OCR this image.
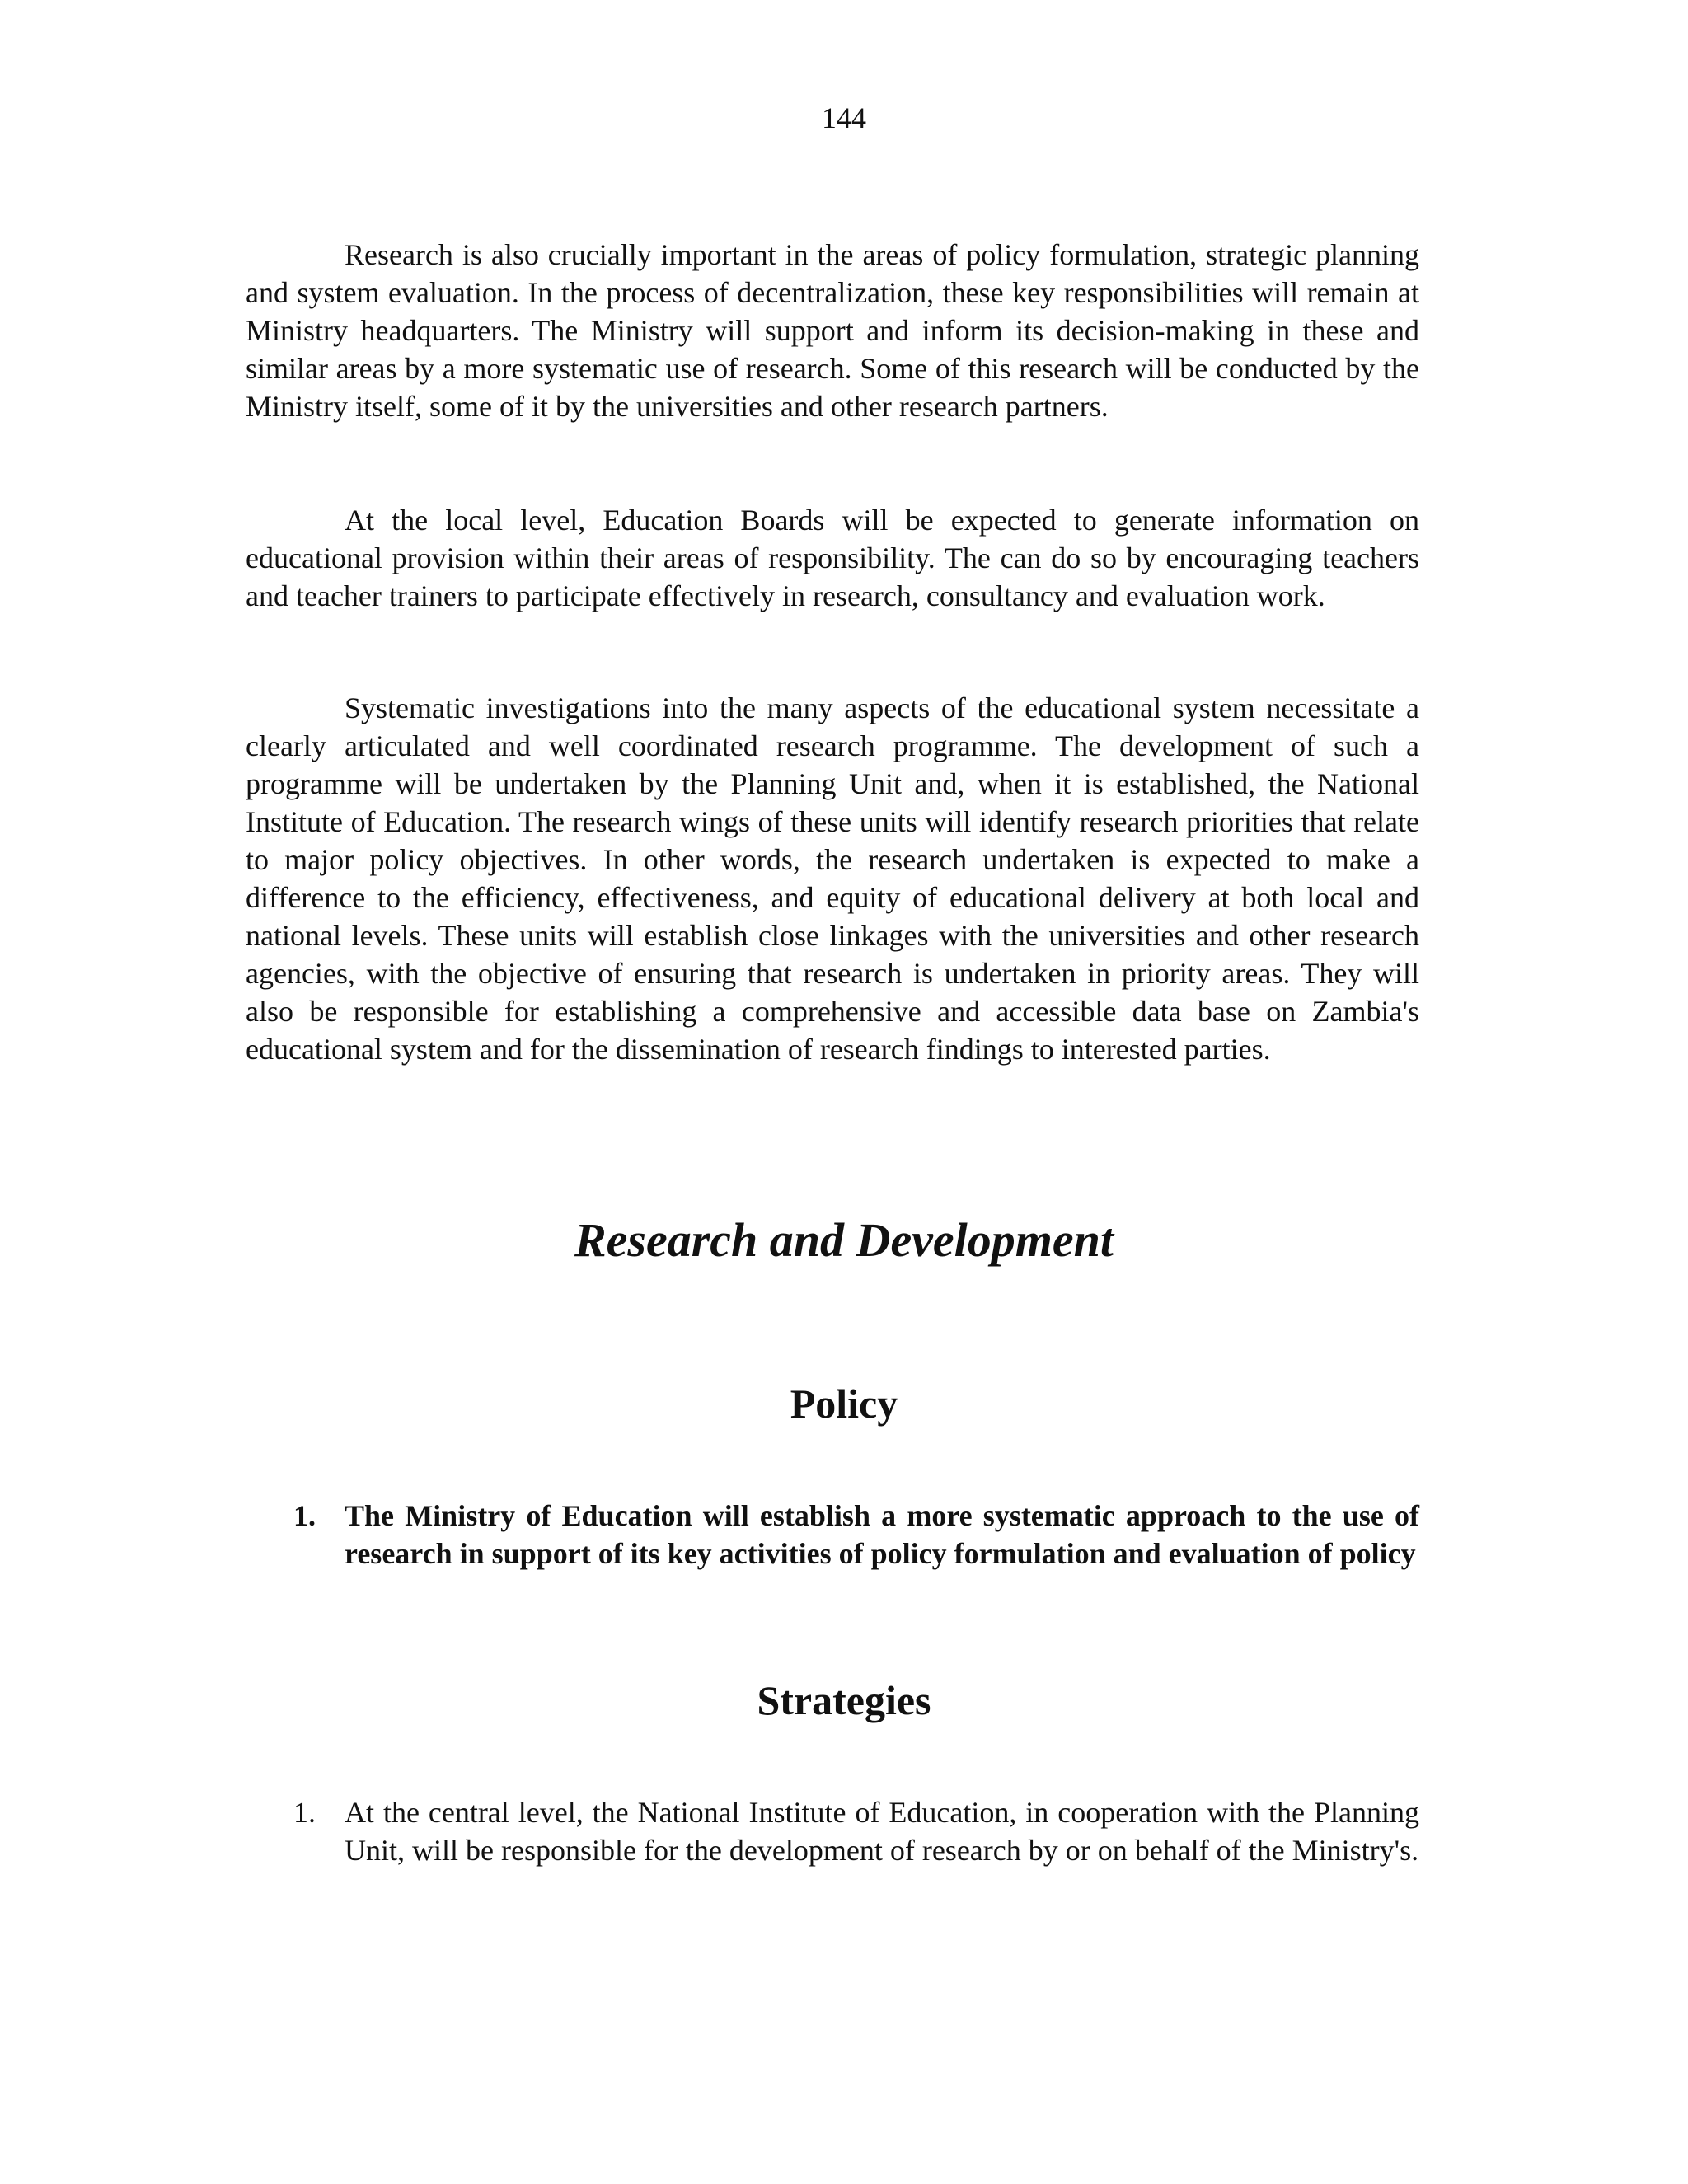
144

Research is also crucially important in the areas of policy formulation, strategic planning and system evaluation. In the process of decentralization, these key responsibilities will remain at Ministry headquarters. The Ministry will support and inform its decision-making in these and similar areas by a more systematic use of research. Some of this research will be conducted by the Ministry itself, some of it by the universities and other research partners.

At the local level, Education Boards will be expected to generate information on educational provision within their areas of responsibility. The can do so by encouraging teachers and teacher trainers to participate effectively in research, consultancy and evaluation work.

Systematic investigations into the many aspects of the educational system necessitate a clearly articulated and well coordinated research programme. The development of such a programme will be undertaken by the Planning Unit and, when it is established, the National Institute of Education. The research wings of these units will identify research priorities that relate to major policy objectives. In other words, the research undertaken is expected to make a difference to the efficiency, effectiveness, and equity of educational delivery at both local and national levels. These units will establish close linkages with the universities and other research agencies, with the objective of ensuring that research is undertaken in priority areas. They will also be responsible for establishing a comprehensive and accessible data base on Zambia's educational system and for the dissemination of research findings to interested parties.

Research and Development
Policy
1. The Ministry of Education will establish a more systematic approach to the use of research in support of its key activities of policy formulation and evaluation of policy
Strategies
1. At the central level, the National Institute of Education, in cooperation with the Planning Unit, will be responsible for the development of research by or on behalf of the Ministry's.
